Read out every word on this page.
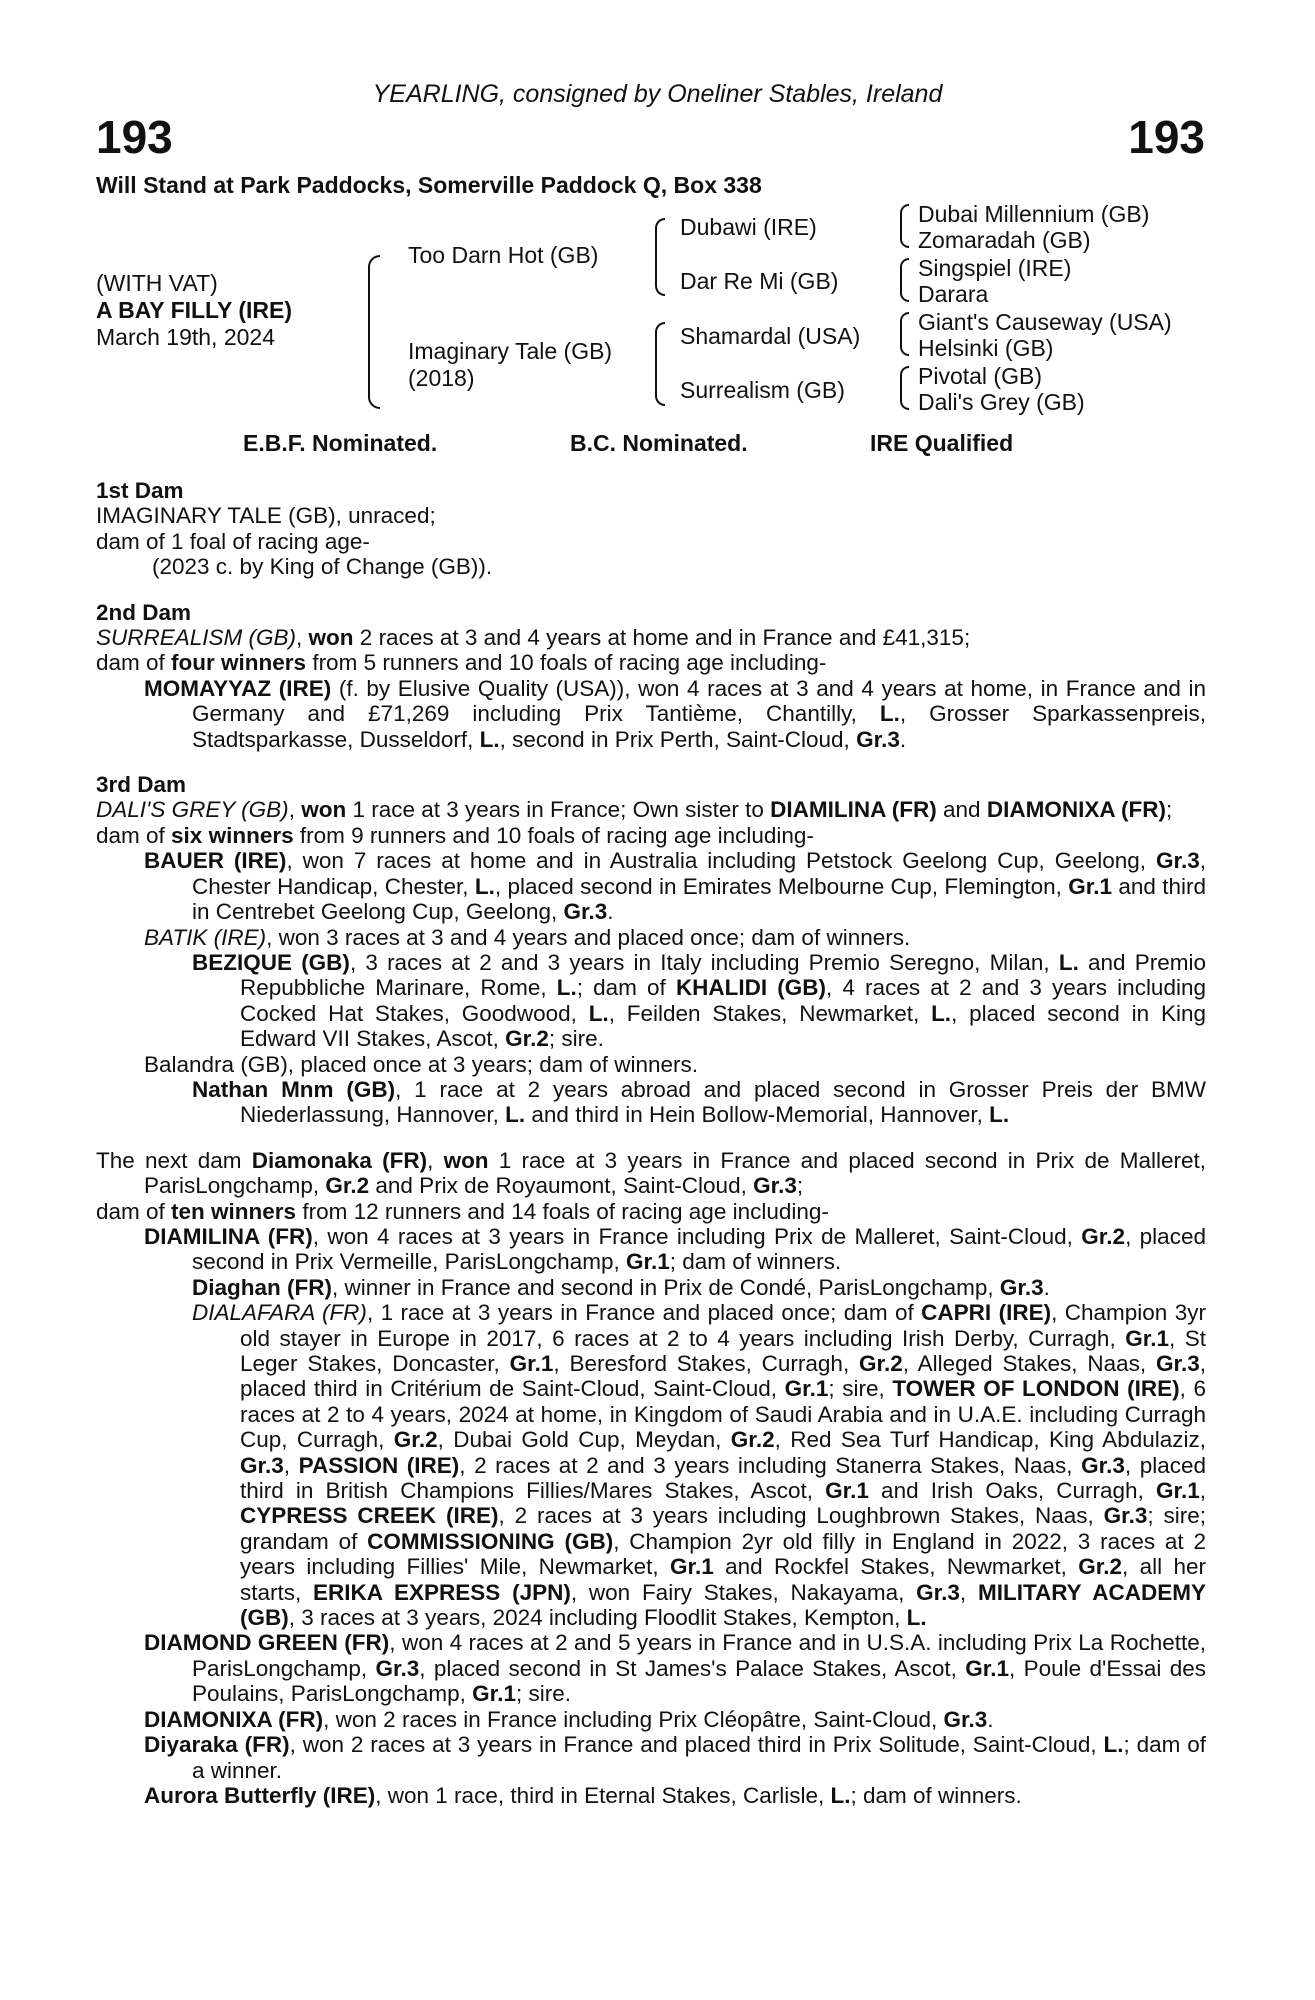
YEARLING, consigned by Oneliner Stables, Ireland
193	193
Will Stand at Park Paddocks, Somerville Paddock Q, Box 338
(WITH VAT)
A BAY FILLY (IRE)
March 19th, 2024
Too Darn Hot (GB)
Imaginary Tale (GB)
(2018)
Dubawi (IRE)
Dar Re Mi (GB)
Shamardal (USA)
Surrealism (GB)
Dubai Millennium (GB)
Zomaradah (GB)
Singspiel (IRE)
Darara
Giant's Causeway (USA)
Helsinki (GB)
Pivotal (GB)
Dali's Grey (GB)
E.B.F. Nominated.	B.C. Nominated.	IRE Qualified
1st Dam
IMAGINARY TALE (GB), unraced;
dam of 1 foal of racing age-
(2023 c. by King of Change (GB)).
2nd Dam
SURREALISM (GB), won 2 races at 3 and 4 years at home and in France and £41,315;
dam of four winners from 5 runners and 10 foals of racing age including-
MOMAYYAZ (IRE) (f. by Elusive Quality (USA)), won 4 races at 3 and 4 years at home, in France and in Germany and £71,269 including Prix Tantième, Chantilly, L., Grosser Sparkassenpreis, Stadtsparkasse, Dusseldorf, L., second in Prix Perth, Saint-Cloud, Gr.3.
3rd Dam
DALI'S GREY (GB), won 1 race at 3 years in France; Own sister to DIAMILINA (FR) and DIAMONIXA (FR);
dam of six winners from 9 runners and 10 foals of racing age including-
BAUER (IRE), won 7 races at home and in Australia including Petstock Geelong Cup, Geelong, Gr.3, Chester Handicap, Chester, L., placed second in Emirates Melbourne Cup, Flemington, Gr.1 and third in Centrebet Geelong Cup, Geelong, Gr.3.
BATIK (IRE), won 3 races at 3 and 4 years and placed once; dam of winners.
BEZIQUE (GB), 3 races at 2 and 3 years in Italy including Premio Seregno, Milan, L. and Premio Repubbliche Marinare, Rome, L.; dam of KHALIDI (GB), 4 races at 2 and 3 years including Cocked Hat Stakes, Goodwood, L., Feilden Stakes, Newmarket, L., placed second in King Edward VII Stakes, Ascot, Gr.2; sire.
Balandra (GB), placed once at 3 years; dam of winners.
Nathan Mnm (GB), 1 race at 2 years abroad and placed second in Grosser Preis der BMW Niederlassung, Hannover, L. and third in Hein Bollow-Memorial, Hannover, L.
The next dam Diamonaka (FR), won 1 race at 3 years in France and placed second in Prix de Malleret, ParisLongchamp, Gr.2 and Prix de Royaumont, Saint-Cloud, Gr.3;
dam of ten winners from 12 runners and 14 foals of racing age including-
DIAMILINA (FR), won 4 races at 3 years in France including Prix de Malleret, Saint-Cloud, Gr.2, placed second in Prix Vermeille, ParisLongchamp, Gr.1; dam of winners.
Diaghan (FR), winner in France and second in Prix de Condé, ParisLongchamp, Gr.3.
DIALAFARA (FR), 1 race at 3 years in France and placed once; dam of CAPRI (IRE), Champion 3yr old stayer in Europe in 2017, 6 races at 2 to 4 years including Irish Derby, Curragh, Gr.1, St Leger Stakes, Doncaster, Gr.1, Beresford Stakes, Curragh, Gr.2, Alleged Stakes, Naas, Gr.3, placed third in Critérium de Saint-Cloud, Saint-Cloud, Gr.1; sire, TOWER OF LONDON (IRE), 6 races at 2 to 4 years, 2024 at home, in Kingdom of Saudi Arabia and in U.A.E. including Curragh Cup, Curragh, Gr.2, Dubai Gold Cup, Meydan, Gr.2, Red Sea Turf Handicap, King Abdulaziz, Gr.3, PASSION (IRE), 2 races at 2 and 3 years including Stanerra Stakes, Naas, Gr.3, placed third in British Champions Fillies/Mares Stakes, Ascot, Gr.1 and Irish Oaks, Curragh, Gr.1, CYPRESS CREEK (IRE), 2 races at 3 years including Loughbrown Stakes, Naas, Gr.3; sire; grandam of COMMISSIONING (GB), Champion 2yr old filly in England in 2022, 3 races at 2 years including Fillies' Mile, Newmarket, Gr.1 and Rockfel Stakes, Newmarket, Gr.2, all her starts, ERIKA EXPRESS (JPN), won Fairy Stakes, Nakayama, Gr.3, MILITARY ACADEMY (GB), 3 races at 3 years, 2024 including Floodlit Stakes, Kempton, L.
DIAMOND GREEN (FR), won 4 races at 2 and 5 years in France and in U.S.A. including Prix La Rochette, ParisLongchamp, Gr.3, placed second in St James's Palace Stakes, Ascot, Gr.1, Poule d'Essai des Poulains, ParisLongchamp, Gr.1; sire.
DIAMONIXA (FR), won 2 races in France including Prix Cléopâtre, Saint-Cloud, Gr.3.
Diyaraka (FR), won 2 races at 3 years in France and placed third in Prix Solitude, Saint-Cloud, L.; dam of a winner.
Aurora Butterfly (IRE), won 1 race, third in Eternal Stakes, Carlisle, L.; dam of winners.
